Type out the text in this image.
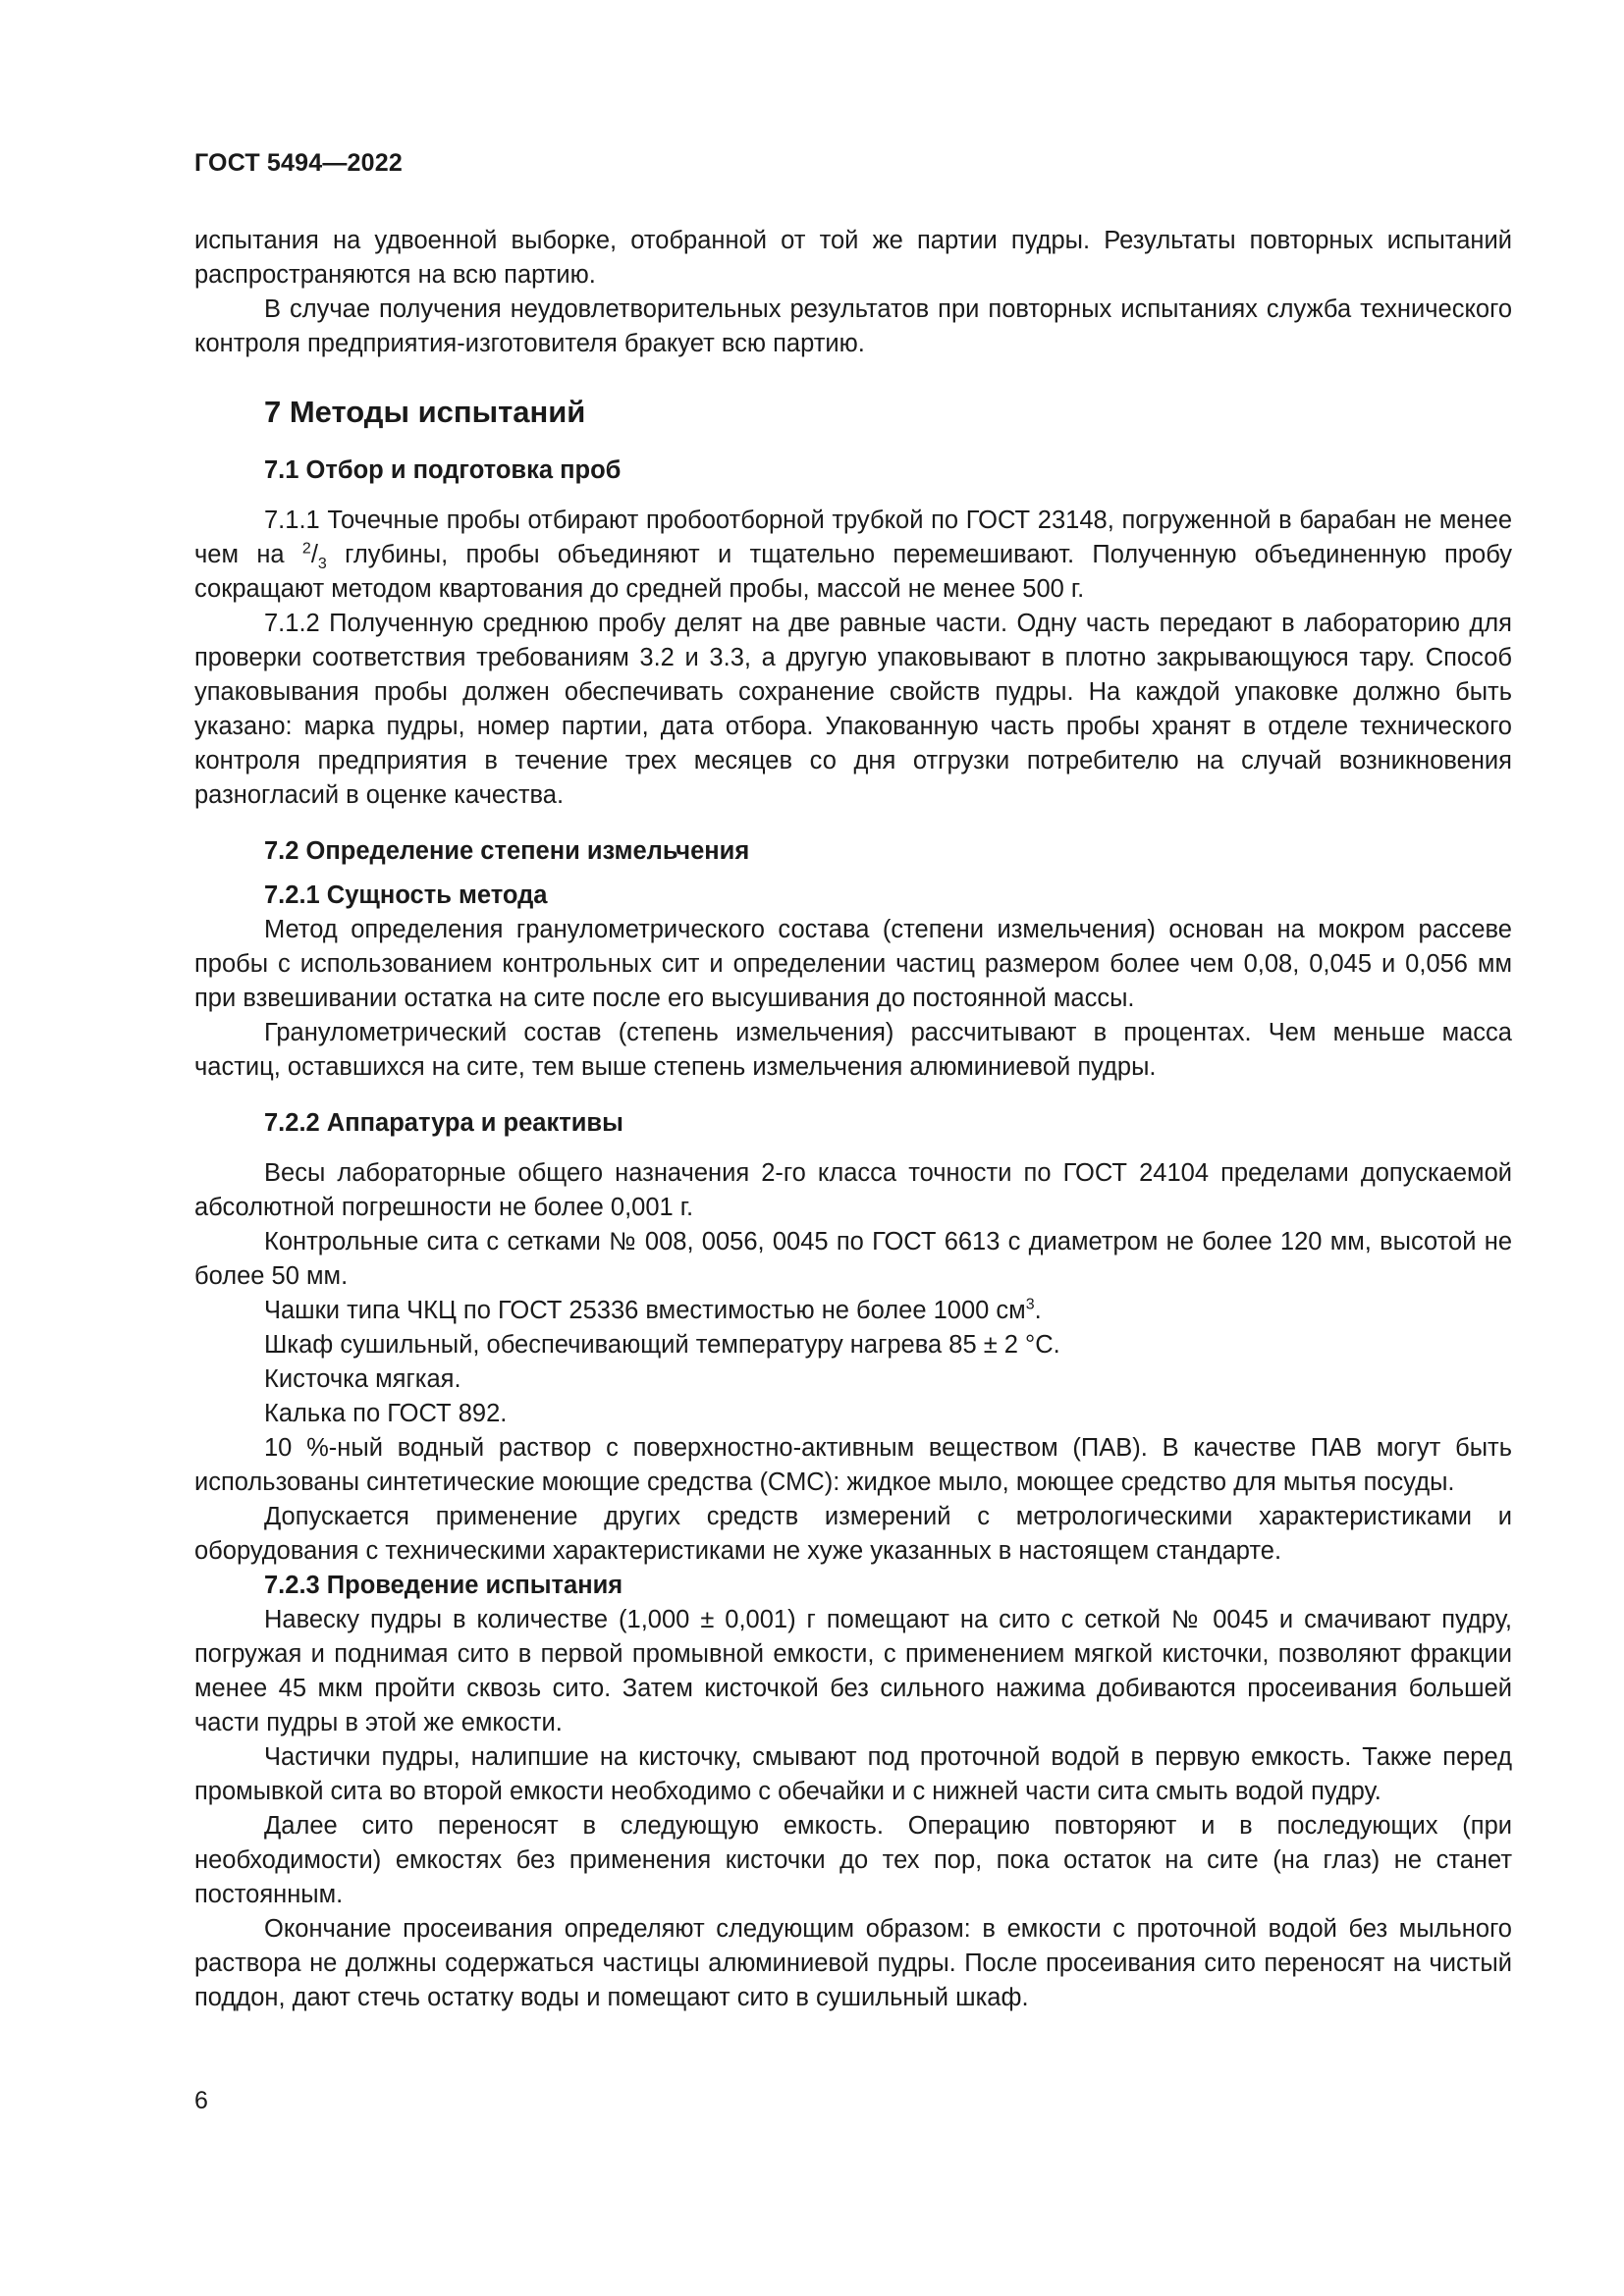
ГОСТ 5494—2022

испытания на удвоенной выборке, отобранной от той же партии пудры. Результаты повторных испытаний распространяются на всю партию.

В случае получения неудовлетворительных результатов при повторных испытаниях служба технического контроля предприятия-изготовителя бракует всю партию.

7 Методы испытаний
7.1 Отбор и подготовка проб

7.1.1 Точечные пробы отбирают пробоотборной трубкой по ГОСТ 23148, погруженной в барабан не менее чем на $^2/_3$ глубины, пробы объединяют и тщательно перемешивают. Полученную объединенную пробу сокращают методом квартования до средней пробы, массой не менее 500 г.

7.1.2 Полученную среднюю пробу делят на две равные части. Одну часть передают в лабораторию для проверки соответствия требованиям 3.2 и 3.3, а другую упаковывают в плотно закрывающуюся тару. Способ упаковывания пробы должен обеспечивать сохранение свойств пудры. На каждой упаковке должно быть указано: марка пудры, номер партии, дата отбора. Упакованную часть пробы хранят в отделе технического контроля предприятия в течение трех месяцев со дня отгрузки потребителю на случай возникновения разногласий в оценке качества.

7.2 Определение степени измельчения
7.2.1 Сущность метода

Метод определения гранулометрического состава (степени измельчения) основан на мокром рассеве пробы с использованием контрольных сит и определении частиц размером более чем 0,08, 0,045 и 0,056 мм при взвешивании остатка на сите после его высушивания до постоянной массы.

Гранулометрический состав (степень измельчения) рассчитывают в процентах. Чем меньше масса частиц, оставшихся на сите, тем выше степень измельчения алюминиевой пудры.

7.2.2 Аппаратура и реактивы

Весы лабораторные общего назначения 2-го класса точности по ГОСТ 24104 пределами допускаемой абсолютной погрешности не более 0,001 г.

Контрольные сита с сетками № 008, 0056, 0045 по ГОСТ 6613 с диаметром не более 120 мм, высотой не более 50 мм.

Чашки типа ЧКЦ по ГОСТ 25336 вместимостью не более 1000 $см^3$.

Шкаф сушильный, обеспечивающий температуру нагрева 85 ± 2 °С.

Кисточка мягкая.

Калька по ГОСТ 892.

10 %-ный водный раствор с поверхностно-активным веществом (ПАВ). В качестве ПАВ могут быть использованы синтетические моющие средства (СМС): жидкое мыло, моющее средство для мытья посуды.

Допускается применение других средств измерений с метрологическими характеристиками и оборудования с техническими характеристиками не хуже указанных в настоящем стандарте.

7.2.3 Проведение испытания

Навеску пудры в количестве (1,000 ± 0,001) г помещают на сито с сеткой № 0045 и смачивают пудру, погружая и поднимая сито в первой промывной емкости, с применением мягкой кисточки, позволяют фракции менее 45 мкм пройти сквозь сито. Затем кисточкой без сильного нажима добиваются просеивания большей части пудры в этой же емкости.

Частички пудры, налипшие на кисточку, смывают под проточной водой в первую емкость. Также перед промывкой сита во второй емкости необходимо с обечайки и с нижней части сита смыть водой пудру.

Далее сито переносят в следующую емкость. Операцию повторяют и в последующих (при необходимости) емкостях без применения кисточки до тех пор, пока остаток на сите (на глаз) не станет постоянным.

Окончание просеивания определяют следующим образом: в емкости с проточной водой без мыльного раствора не должны содержаться частицы алюминиевой пудры. После просеивания сито переносят на чистый поддон, дают стечь остатку воды и помещают сито в сушильный шкаф.

6
